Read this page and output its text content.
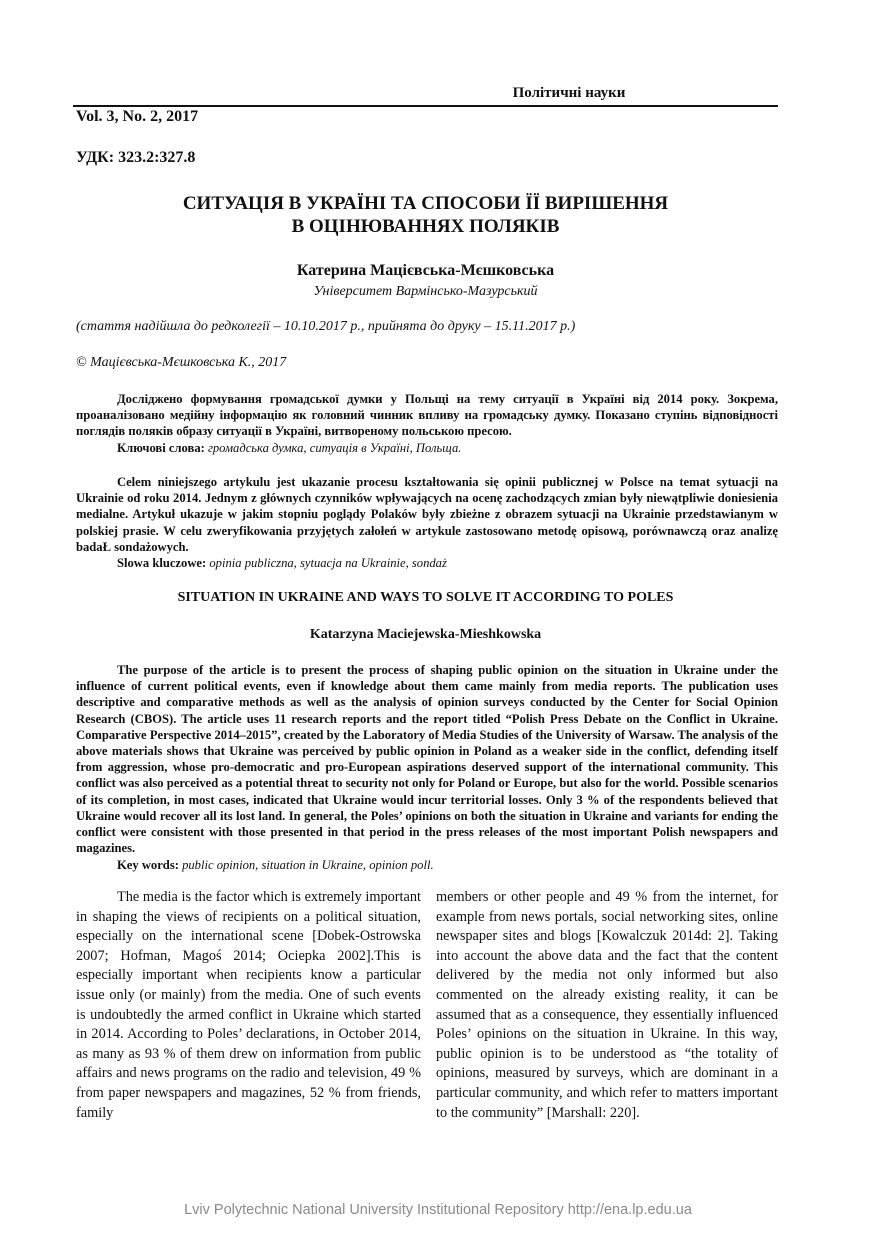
Політичні науки
Vol. 3, No. 2, 2017
УДК: 323.2:327.8
СИТУАЦІЯ В УКРАЇНІ ТА СПОСОБИ ЇЇ ВИРІШЕННЯ
В ОЦІНЮВАННЯХ ПОЛЯКІВ
Катерина Мацієвська-Мєшковська
Університет Вармінсько-Мазурський
(стаття надійшла до редколегії – 10.10.2017 р., прийнята до друку – 15.11.2017 р.)
© Мацієвська-Мєшковська К., 2017
Досліджено формування громадської думки у Польщі на тему ситуації в Україні від 2014 року. Зокрема, проаналізовано медійну інформацію як головний чинник впливу на громадську думку. Показано ступінь відповідності поглядів поляків образу ситуації в Україні, витвореному польською пресою.
Ключові слова: громадська думка, ситуація в Україні, Польща.
Celem niniejszego artykulu jest ukazanie procesu kształtowania się opinii publicznej w Polsce na temat sytuacji na Ukrainie od roku 2014. Jednym z głównych czynników wpływających na ocenę zachodzących zmian były niewątpliwie doniesienia medialne. Artykuł ukazuje w jakim stopniu poglądy Polaków były zbieżne z obrazem sytuacji na Ukrainie przedstawianym w polskiej prasie. W celu zweryfikowania przyjętych załołeń w artykule zastosowano metodę opisową, porównawczą oraz analizę badaŁ sondażowych.
Slowa kluczowe: opinia publiczna, sytuacja na Ukrainie, sondaż
SITUATION IN UKRAINE AND WAYS TO SOLVE IT ACCORDING TO POLES
Katarzyna Maciejewska-Mieshkowska
The purpose of the article is to present the process of shaping public opinion on the situation in Ukraine under the influence of current political events, even if knowledge about them came mainly from media reports. The publication uses descriptive and comparative methods as well as the analysis of opinion surveys conducted by the Center for Social Opinion Research (CBOS). The article uses 11 research reports and the report titled “Polish Press Debate on the Conflict in Ukraine. Comparative Perspective 2014–2015”, created by the Laboratory of Media Studies of the University of Warsaw. The analysis of the above materials shows that Ukraine was perceived by public opinion in Poland as a weaker side in the conflict, defending itself from aggression, whose pro-democratic and pro-European aspirations deserved support of the international community. This conflict was also perceived as a potential threat to security not only for Poland or Europe, but also for the world. Possible scenarios of its completion, in most cases, indicated that Ukraine would incur territorial losses. Only 3 % of the respondents believed that Ukraine would recover all its lost land. In general, the Poles’ opinions on both the situation in Ukraine and variants for ending the conflict were consistent with those presented in that period in the press releases of the most important Polish newspapers and magazines.
Key words: public opinion, situation in Ukraine, opinion poll.
The media is the factor which is extremely important in shaping the views of recipients on a political situation, especially on the international scene [Dobek-Ostrowska 2007; Hofman, Magoś 2014; Ociepka 2002].This is especially important when recipients know a particular issue only (or mainly) from the media. One of such events is undoubtedly the armed conflict in Ukraine which started in 2014. According to Poles’ declarations, in October 2014, as many as 93 % of them drew on information from public affairs and news programs on the radio and television, 49 % from paper newspapers and magazines, 52 % from friends, family
members or other people and 49 % from the internet, for example from news portals, social networking sites, online newspaper sites and blogs [Kowalczuk 2014d: 2]. Taking into account the above data and the fact that the content delivered by the media not only informed but also commented on the already existing reality, it can be assumed that as a consequence, they essentially influenced Poles’ opinions on the situation in Ukraine. In this way, public opinion is to be understood as “the totality of opinions, measured by surveys, which are dominant in a particular community, and which refer to matters important to the community” [Marshall: 220].
Lviv Polytechnic National University Institutional Repository http://ena.lp.edu.ua
